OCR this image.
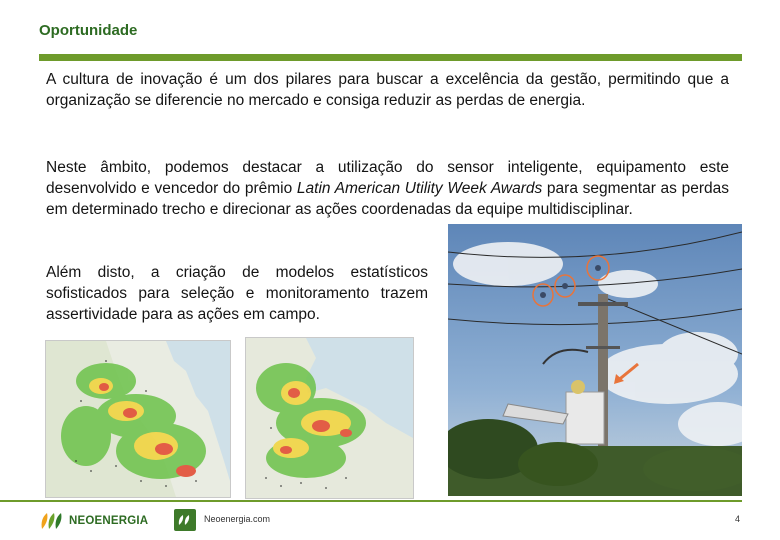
Oportunidade
A cultura de inovação é um dos pilares para buscar a excelência da gestão, permitindo que a organização se diferencie no mercado e consiga reduzir as perdas de energia.
Neste âmbito, podemos destacar a utilização do sensor inteligente, equipamento este desenvolvido e vencedor do prêmio Latin American Utility Week Awards para segmentar as perdas em determinado trecho e direcionar as ações coordenadas da equipe multidisciplinar.
Além disto, a criação de modelos estatísticos sofisticados para seleção e monitoramento trazem assertividade para as ações em campo.
NEOENERGIA	Neoenergia.com	4
